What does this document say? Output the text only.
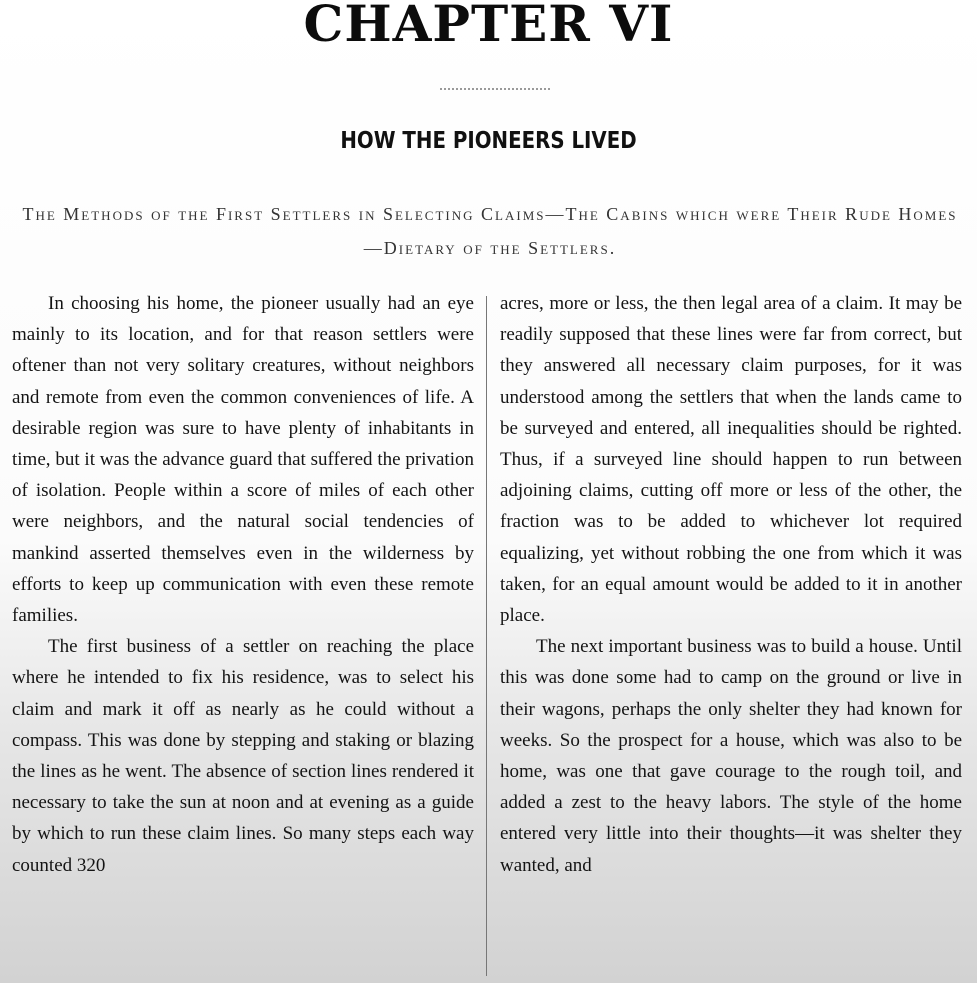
CHAPTER VI
HOW THE PIONEERS LIVED

The Methods of the First Settlers in Selecting Claims—The Cabins which were Their Rude Homes—Dietary of the Settlers.

In choosing his home, the pioneer usually had an eye mainly to its location, and for that reason settlers were oftener than not very solitary creatures, without neighbors and remote from even the common conveniences of life. A desirable region was sure to have plenty of inhabitants in time, but it was the advance guard that suffered the privation of isolation. People within a score of miles of each other were neighbors, and the natural social tendencies of mankind asserted themselves even in the wilderness by efforts to keep up communication with even these remote families.

The first business of a settler on reaching the place where he intended to fix his residence, was to select his claim and mark it off as nearly as he could without a compass. This was done by stepping and staking or blazing the lines as he went. The absence of section lines rendered it necessary to take the sun at noon and at evening as a guide by which to run these claim lines. So many steps each way counted 320

acres, more or less, the then legal area of a claim. It may be readily supposed that these lines were far from correct, but they answered all necessary claim purposes, for it was understood among the settlers that when the lands came to be surveyed and entered, all inequalities should be righted. Thus, if a surveyed line should happen to run between adjoining claims, cutting off more or less of the other, the fraction was to be added to whichever lot required equalizing, yet without robbing the one from which it was taken, for an equal amount would be added to it in another place.

The next important business was to build a house. Until this was done some had to camp on the ground or live in their wagons, perhaps the only shelter they had known for weeks. So the prospect for a house, which was also to be home, was one that gave courage to the rough toil, and added a zest to the heavy labors. The style of the home entered very little into their thoughts—it was shelter they wanted, and
